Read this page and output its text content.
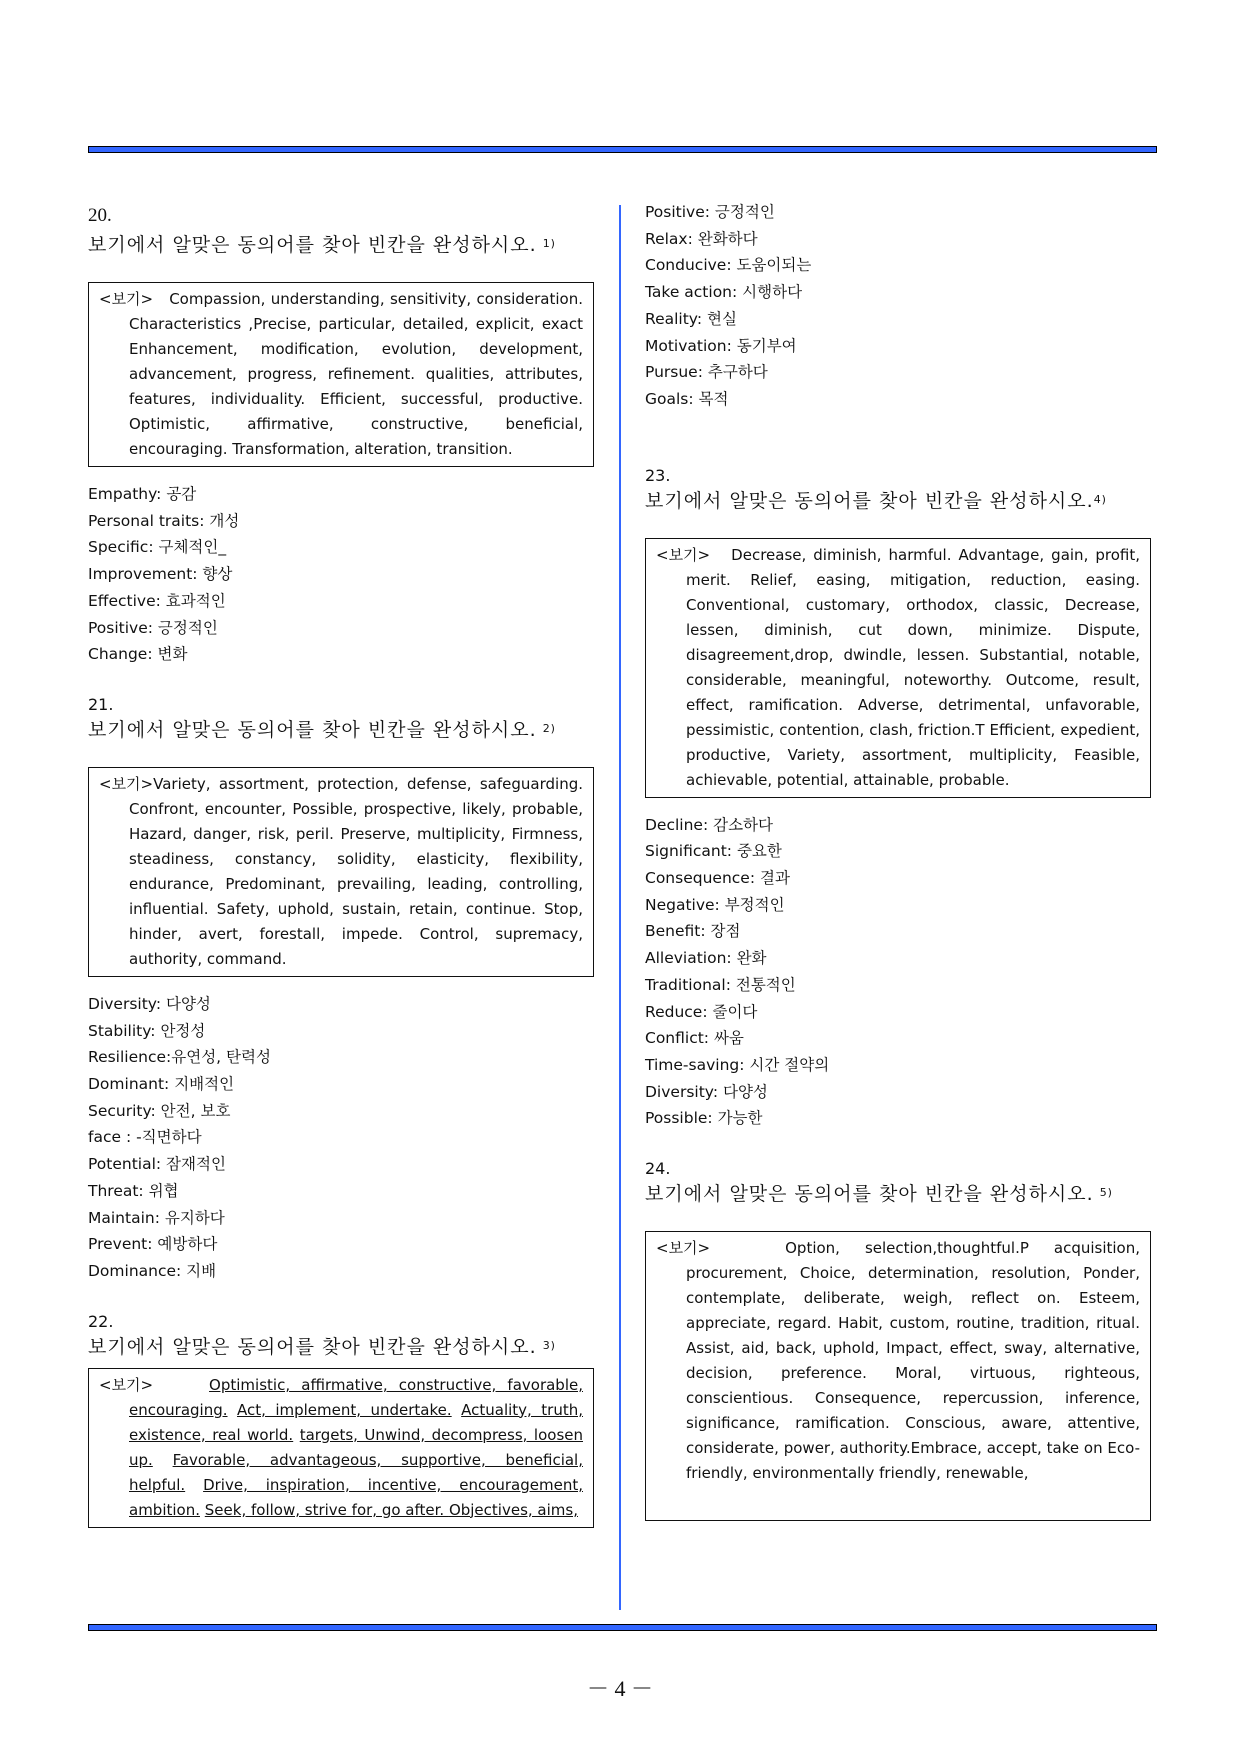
20.
보기에서 알맞은 동의어를 찾아 빈칸을 완성하시오. $^{1)}$
<보기> Compassion, understanding, sensitivity, consideration. Characteristics ,Precise, particular, detailed, explicit, exact Enhancement, modification, evolution, development, advancement, progress, refinement. qualities, attributes, features, individuality. Efficient, successful, productive. Optimistic, affirmative, constructive, beneficial, encouraging. Transformation, alteration, transition.
Empathy: 공감
Personal traits: 개성
Specific: 구체적인_
Improvement: 향상
Effective: 효과적인
Positive: 긍정적인
Change: 변화
21.
보기에서 알맞은 동의어를 찾아 빈칸을 완성하시오. $^{2)}$
<보기>Variety, assortment, protection, defense, safeguarding. Confront, encounter, Possible, prospective, likely, probable, Hazard, danger, risk, peril. Preserve, multiplicity, Firmness, steadiness, constancy, solidity, elasticity, flexibility, endurance, Predominant, prevailing, leading, controlling, influential. Safety, uphold, sustain, retain, continue. Stop, hinder, avert, forestall, impede. Control, supremacy, authority, command.
Diversity: 다양성
Stability: 안정성
Resilience:유연성, 탄력성
Dominant: 지배적인
Security: 안전, 보호
face : -직면하다
Potential: 잠재적인
Threat: 위협
Maintain: 유지하다
Prevent: 예방하다
Dominance: 지배
22.
보기에서 알맞은 동의어를 찾아 빈칸을 완성하시오. $^{3)}$
<보기>	Optimistic, affirmative, constructive, favorable, encouraging. Act, implement, undertake. Actuality, truth, existence, real world. targets, Unwind, decompress, loosen up. Favorable, advantageous, supportive, beneficial, helpful. Drive, inspiration, incentive, encouragement, ambition. Seek, follow, strive for, go after. Objectives, aims,
Positive: 긍정적인
Relax: 완화하다
Conducive: 도움이되는
Take action: 시행하다
Reality: 현실
Motivation: 동기부여
Pursue: 추구하다
Goals: 목적
23.
보기에서 알맞은 동의어를 찾아 빈칸을 완성하시오.$^{4)}$
<보기> Decrease, diminish, harmful. Advantage, gain, profit, merit. Relief, easing, mitigation, reduction, easing. Conventional, customary, orthodox, classic, Decrease, lessen, diminish, cut down, minimize. Dispute, disagreement,drop, dwindle, lessen. Substantial, notable, considerable, meaningful, noteworthy. Outcome, result, effect, ramification. Adverse, detrimental, unfavorable, pessimistic, contention, clash, friction.T Efficient, expedient, productive, Variety, assortment, multiplicity, Feasible, achievable, potential, attainable, probable.
Decline: 감소하다
Significant: 중요한
Consequence: 결과
Negative: 부정적인
Benefit: 장점
Alleviation: 완화
Traditional: 전통적인
Reduce: 줄이다
Conflict: 싸움
Time-saving: 시간 절약의
Diversity: 다양성
Possible: 가능한
24.
보기에서 알맞은 동의어를 찾아 빈칸을 완성하시오. $^{5)}$
<보기>	Option, selection,thoughtful.P acquisition, procurement, Choice, determination, resolution, Ponder, contemplate, deliberate, weigh, reflect on. Esteem, appreciate, regard. Habit, custom, routine, tradition, ritual. Assist, aid, back, uphold, Impact, effect, sway, alternative, decision, preference. Moral, virtuous, righteous, conscientious. Consequence, repercussion, inference, significance, ramification. Conscious, aware, attentive, considerate, power, authority.Embrace, accept, take on Eco-friendly, environmentally friendly, renewable,
－ 4 －
